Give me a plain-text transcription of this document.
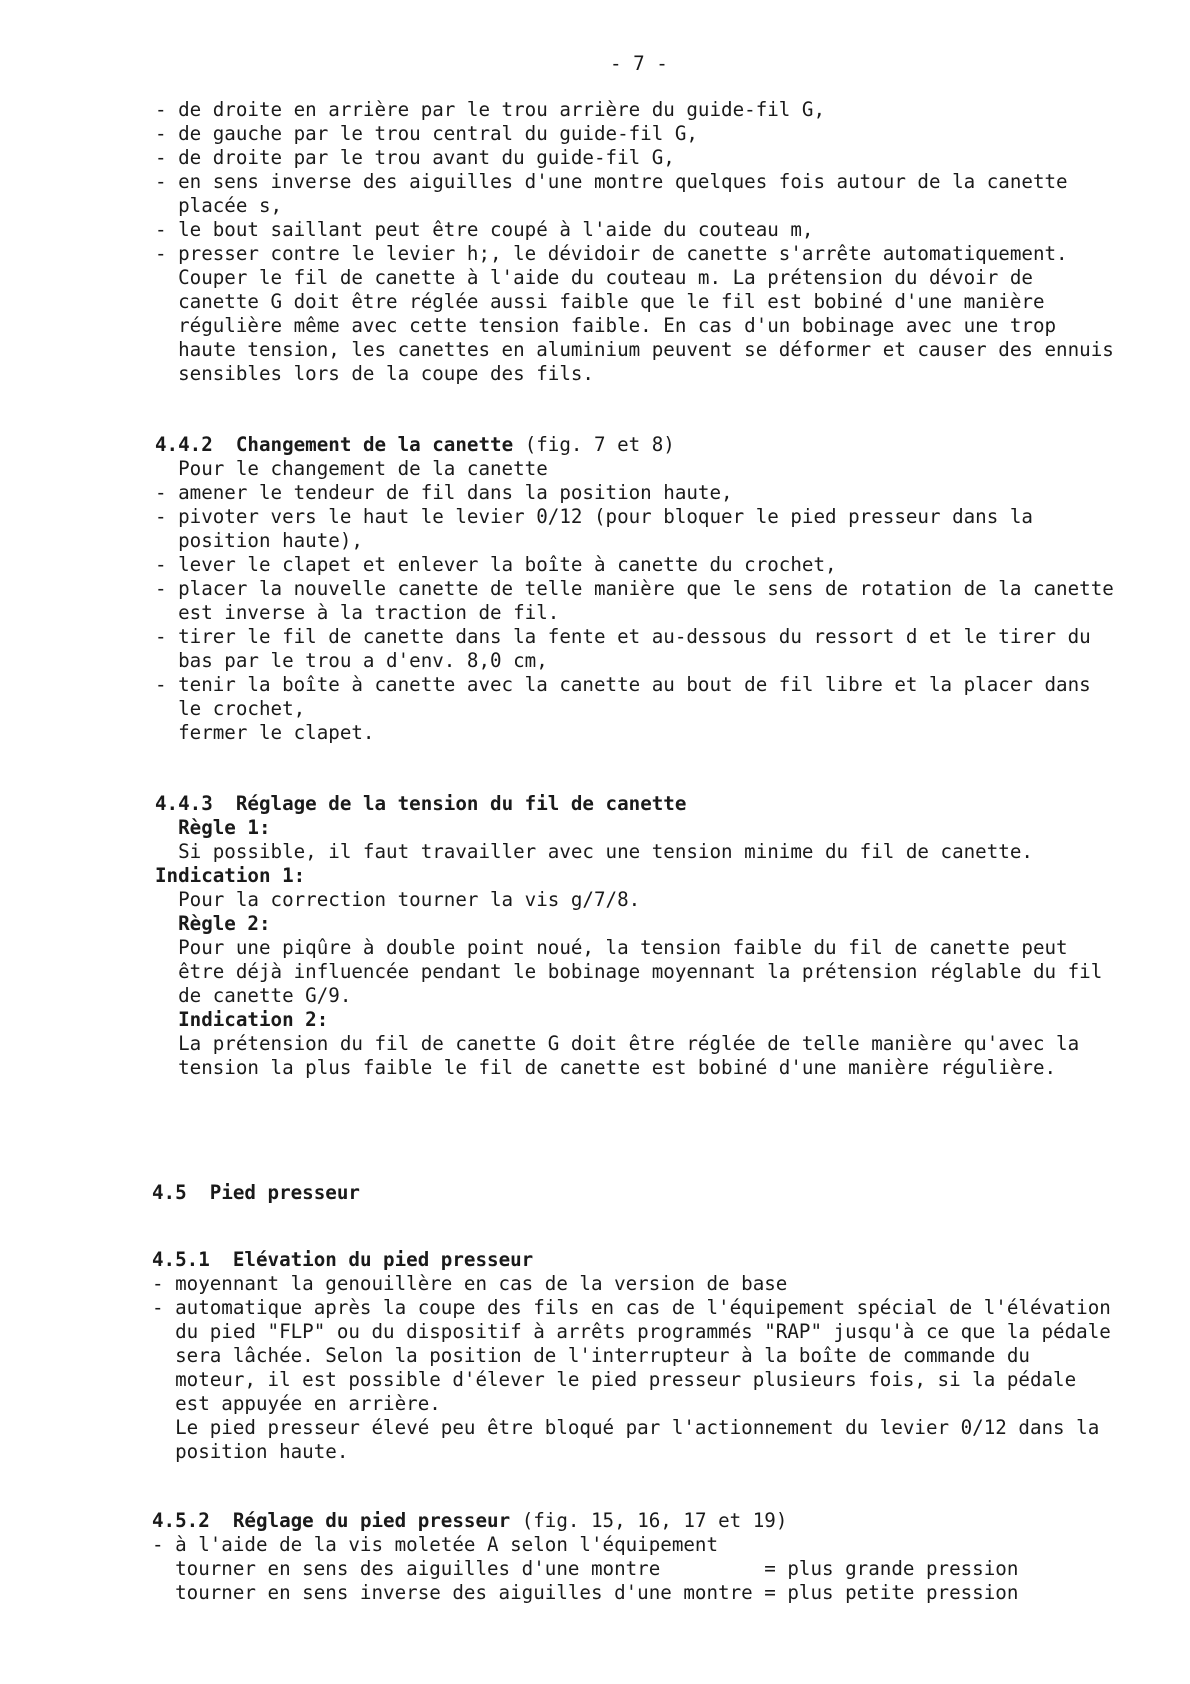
- 7 -
- de droite en arrière par le trou arrière du guide-fil G,
- de gauche par le trou central du guide-fil G,
- de droite par le trou avant du guide-fil G,
- en sens inverse des aiguilles d'une montre quelques fois autour de la canette
placée s,
- le bout saillant peut être coupé à l'aide du couteau m,
- presser contre le levier h;, le dévidoir de canette s'arrête automatiquement.
Couper le fil de canette à l'aide du couteau m. La prétension du dévoir de
canette G doit être réglée aussi faible que le fil est bobiné d'une manière
régulière même avec cette tension faible. En cas d'un bobinage avec une trop
haute tension, les canettes en aluminium peuvent se déformer et causer des ennuis
sensibles lors de la coupe des fils.
4.4.2 Changement de la canette (fig. 7 et 8)
Pour le changement de la canette
- amener le tendeur de fil dans la position haute,
- pivoter vers le haut le levier 0/12 (pour bloquer le pied presseur dans la
position haute),
- lever le clapet et enlever la boîte à canette du crochet,
- placer la nouvelle canette de telle manière que le sens de rotation de la canette
est inverse à la traction de fil.
- tirer le fil de canette dans la fente et au-dessous du ressort d et le tirer du
bas par le trou a d'env. 8,0 cm,
- tenir la boîte à canette avec la canette au bout de fil libre et la placer dans
le crochet,
fermer le clapet.
4.4.3 Réglage de la tension du fil de canette
Règle 1:
Si possible, il faut travailler avec une tension minime du fil de canette.
Indication 1:
Pour la correction tourner la vis g/7/8.
Règle 2:
Pour une piqûre à double point noué, la tension faible du fil de canette peut
être déjà influencée pendant le bobinage moyennant la prétension réglable du fil
de canette G/9.
Indication 2:
La prétension du fil de canette G doit être réglée de telle manière qu'avec la
tension la plus faible le fil de canette est bobiné d'une manière régulière.
4.5 Pied presseur
4.5.1 Elévation du pied presseur
- moyennant la genouillère en cas de la version de base
- automatique après la coupe des fils en cas de l'équipement spécial de l'élévation
du pied "FLP" ou du dispositif à arrêts programmés "RAP" jusqu'à ce que la pédale
sera lâchée. Selon la position de l'interrupteur à la boîte de commande du
moteur, il est possible d'élever le pied presseur plusieurs fois, si la pédale
est appuyée en arrière.
Le pied presseur élevé peu être bloqué par l'actionnement du levier 0/12 dans la
position haute.
4.5.2 Réglage du pied presseur (fig. 15, 16, 17 et 19)
- à l'aide de la vis moletée A selon l'équipement
tourner en sens des aiguilles d'une montre         = plus grande pression
tourner en sens inverse des aiguilles d'une montre = plus petite pression
